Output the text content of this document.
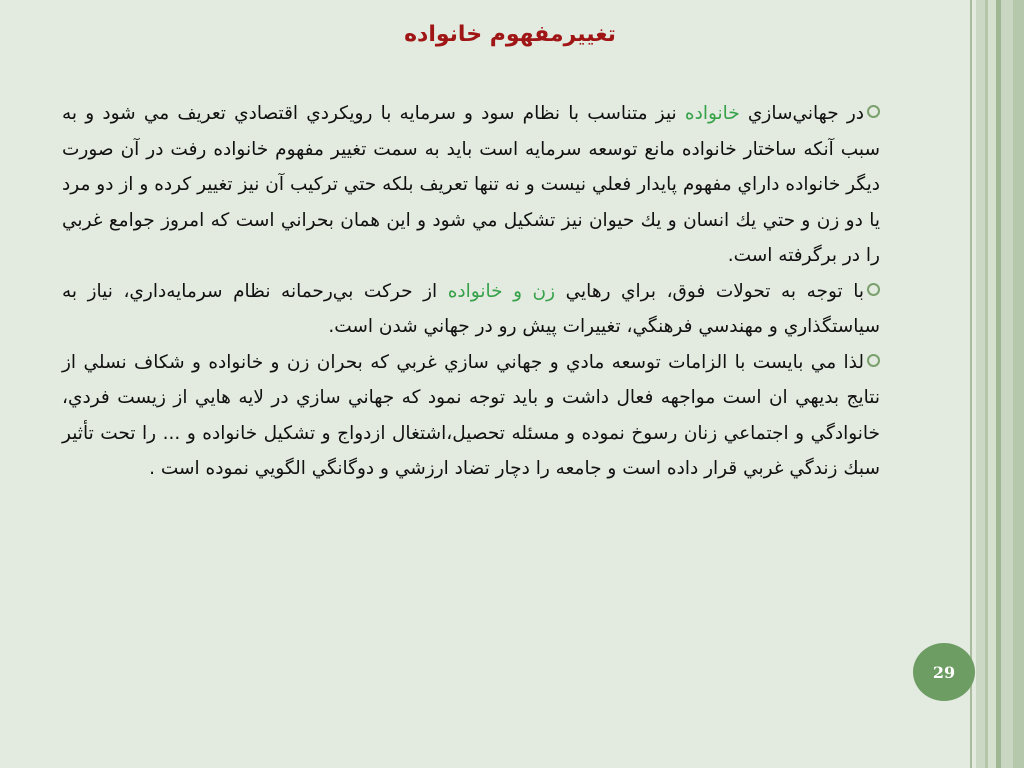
تغییرمفهوم خانواده

در جهاني‌سازي خانواده نيز متناسب با نظام سود و سرمايه با رويكردي اقتصادي تعريف مي شود و به سبب آنكه ساختار خانواده مانع توسعه سرمايه است بايد به سمت تغيير مفهوم خانواده رفت در آن صورت ديگر خانواده داراي مفهوم پايدار فعلي نيست و نه تنها تعريف بلكه حتي تركيب آن نيز تغيير كرده و از دو مرد يا دو زن و حتي يك انسان و يك حيوان نيز تشكيل مي شود و اين همان بحراني است كه امروز جوامع غربي را در برگرفته است.

با توجه به تحولات فوق، براي رهايي زن و خانواده از حرکت بي‌رحمانه نظام سرمايه‌داري، نياز به سياستگذاري و مهندسي فرهنگي، تغييرات پيش رو در جهاني شدن است.

لذا مي بايست با الزامات توسعه مادي و جهاني سازي غربي كه بحران زن و خانواده و شكاف نسلي از نتايج بديهي ان است مواجهه فعال داشت و بايد توجه نمود كه جهاني سازي در لايه هايي از زيست فردي، خانوادگي و اجتماعي زنان رسوخ نموده و مسئله تحصيل،اشتغال ازدواج و تشكيل خانواده و ... را تحت تأثير سبك زندگي غربي قرار داده است و جامعه را دچار تضاد ارزشي و دوگانگي الگويي نموده است .

29
